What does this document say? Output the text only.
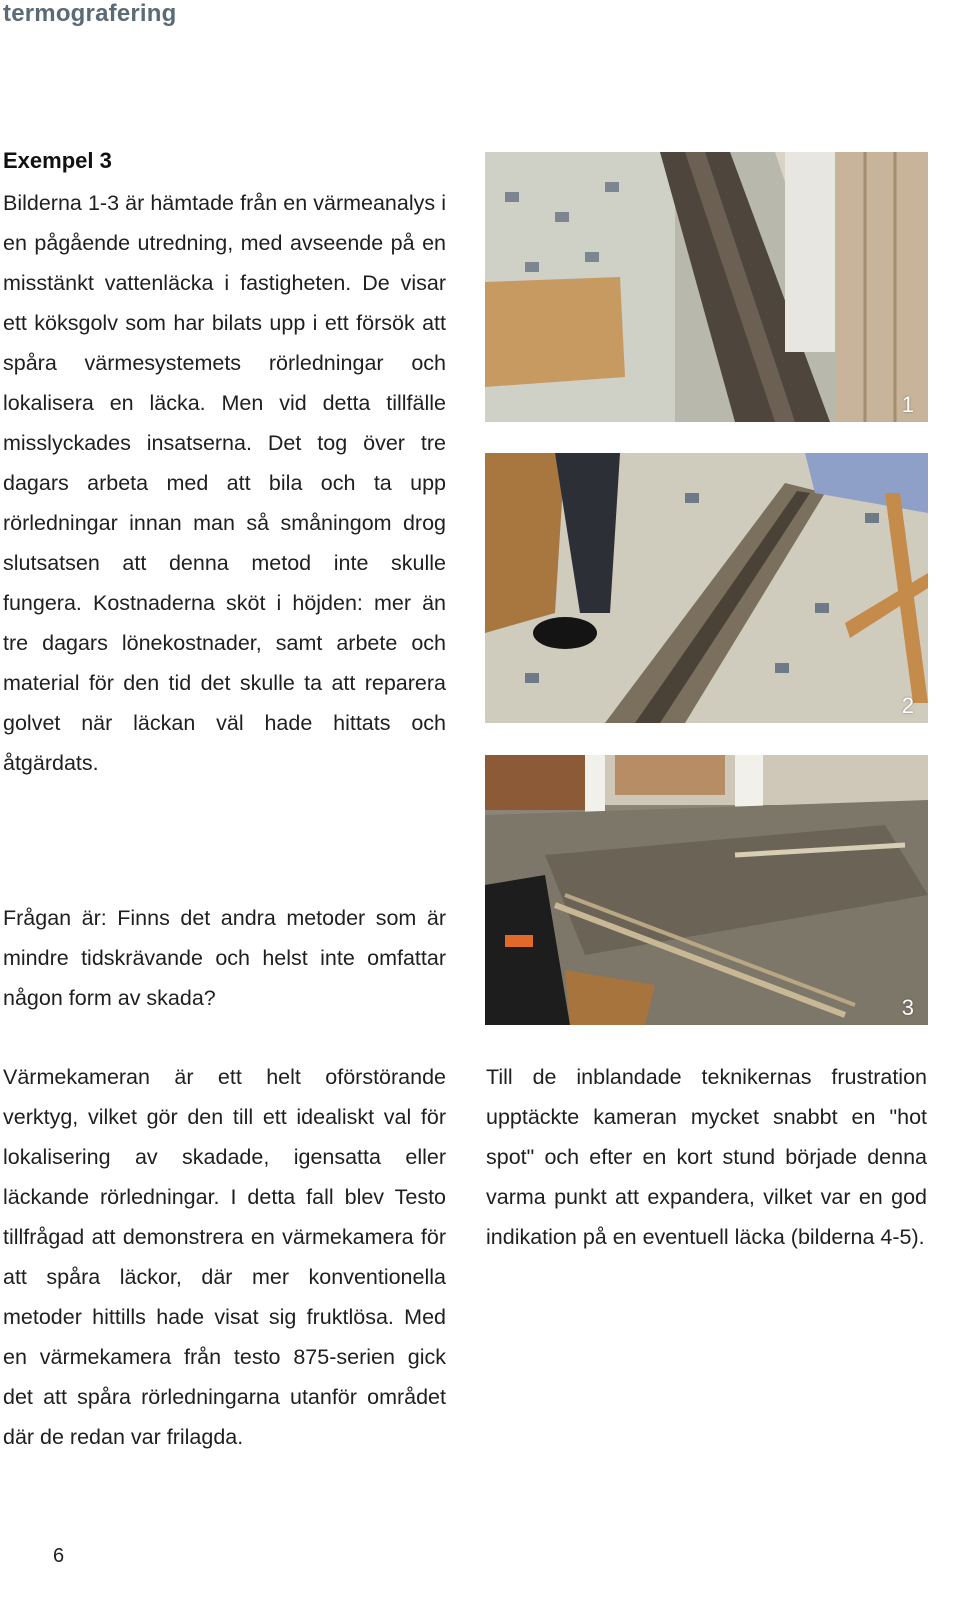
termografering
Exempel 3

Bilderna 1-3 är hämtade från en värmeanalys i en pågående utredning, med avseende på en misstänkt vattenläcka i fastigheten. De visar ett köksgolv som har bilats upp i ett försök att spåra värmesystemets rörledningar och lokalisera en läcka. Men vid detta tillfälle misslyckades insatserna. Det tog över tre dagars arbeta med att bila och ta upp rörledningar innan man så småningom drog slutsatsen att denna metod inte skulle fungera. Kostnaderna sköt i höjden: mer än tre dagars lönekostnader, samt arbete och material för den tid det skulle ta att reparera golvet när läckan väl hade hittats och åtgärdats.

Frågan är: Finns det andra metoder som är mindre tidskrävande och helst inte omfattar någon form av skada?

Värmekameran är ett helt oförstörande verktyg, vilket gör den till ett idealiskt val för lokalisering av skadade, igensatta eller läckande rörledningar. I detta fall blev Testo tillfrågad att demonstrera en värmekamera för att spåra läckor, där mer konventionella metoder hittills hade visat sig fruktlösa. Med en värmekamera från testo 875-serien gick det att spåra rörledningarna utanför området där de redan var frilagda.

Till de inblandade teknikernas frustration upptäckte kameran mycket snabbt en "hot spot" och efter en kort stund började denna varma punkt att expandera, vilket var en god indikation på en eventuell läcka (bilderna 4-5).

1
2
3
6
